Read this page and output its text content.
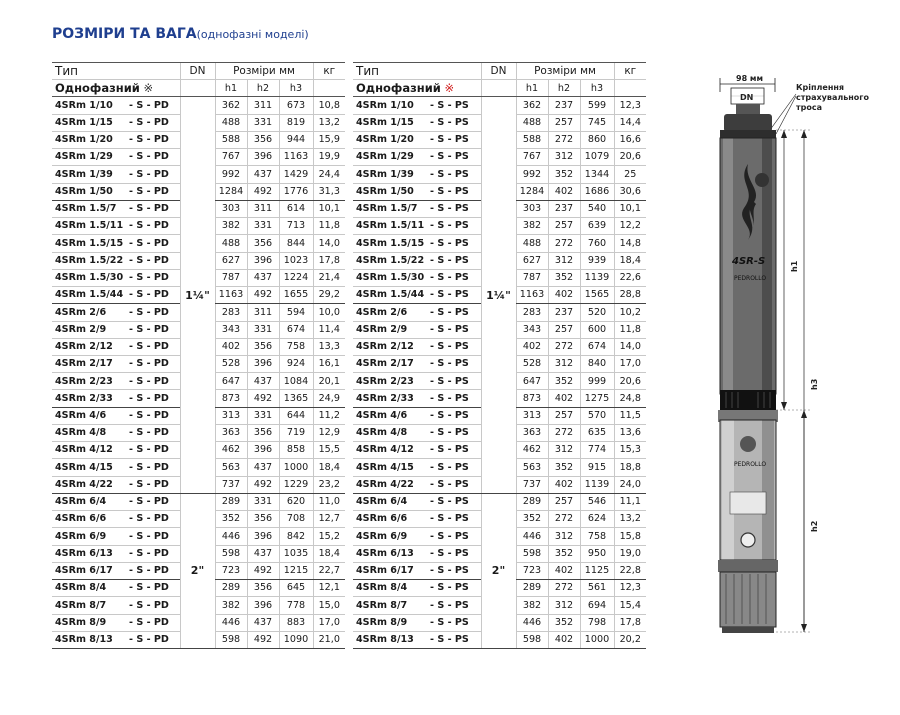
РОЗМІРИ ТА ВАГА(однофазні моделі)
Тип	DN	Розміри мм			кг
Однофазний ※		h1	h2	h3	
4SRm 1/10 - S - PD	1¼"	362	311	673	10,8
4SRm 1/15 - S - PD		488	331	819	13,2
4SRm 1/20 - S - PD		588	356	944	15,9
4SRm 1/29 - S - PD		767	396	1163	19,9
4SRm 1/39 - S - PD		992	437	1429	24,4
4SRm 1/50 - S - PD		1284	492	1776	31,3
4SRm 1.5/7 - S - PD		303	311	614	10,1
4SRm 1.5/11 - S - PD		382	331	713	11,8
4SRm 1.5/15 - S - PD		488	356	844	14,0
4SRm 1.5/22 - S - PD		627	396	1023	17,8
4SRm 1.5/30 - S - PD		787	437	1224	21,4
4SRm 1.5/44 - S - PD		1163	492	1655	29,2
4SRm 2/6 - S - PD		283	311	594	10,0
4SRm 2/9 - S - PD		343	331	674	11,4
4SRm 2/12 - S - PD		402	356	758	13,3
4SRm 2/17 - S - PD		528	396	924	16,1
4SRm 2/23 - S - PD		647	437	1084	20,1
4SRm 2/33 - S - PD		873	492	1365	24,9
4SRm 4/6 - S - PD		313	331	644	11,2
4SRm 4/8 - S - PD		363	356	719	12,9
4SRm 4/12 - S - PD		462	396	858	15,5
4SRm 4/15 - S - PD		563	437	1000	18,4
4SRm 4/22 - S - PD		737	492	1229	23,2
4SRm 6/4 - S - PD	2"	289	331	620	11,0
4SRm 6/6 - S - PD		352	356	708	12,7
4SRm 6/9 - S - PD		446	396	842	15,2
4SRm 6/13 - S - PD		598	437	1035	18,4
4SRm 6/17 - S - PD		723	492	1215	22,7
4SRm 8/4 - S - PD		289	356	645	12,1
4SRm 8/7 - S - PD		382	396	778	15,0
4SRm 8/9 - S - PD		446	437	883	17,0
4SRm 8/13 - S - PD		598	492	1090	21,0
Тип	DN	Розміри мм			кг
Однофазний ※		h1	h2	h3	
4SRm 1/10 - S - PS	1¼"	362	237	599	12,3
4SRm 1/15 - S - PS		488	257	745	14,4
4SRm 1/20 - S - PS		588	272	860	16,6
4SRm 1/29 - S - PS		767	312	1079	20,6
4SRm 1/39 - S - PS		992	352	1344	25
4SRm 1/50 - S - PS		1284	402	1686	30,6
4SRm 1.5/7 - S - PS		303	237	540	10,1
4SRm 1.5/11 - S - PS		382	257	639	12,2
4SRm 1.5/15 - S - PS		488	272	760	14,8
4SRm 1.5/22 - S - PS		627	312	939	18,4
4SRm 1.5/30 - S - PS		787	352	1139	22,6
4SRm 1.5/44 - S - PS		1163	402	1565	28,8
4SRm 2/6 - S - PS		283	237	520	10,2
4SRm 2/9 - S - PS		343	257	600	11,8
4SRm 2/12 - S - PS		402	272	674	14,0
4SRm 2/17 - S - PS		528	312	840	17,0
4SRm 2/23 - S - PS		647	352	999	20,6
4SRm 2/33 - S - PS		873	402	1275	24,8
4SRm 4/6 - S - PS		313	257	570	11,5
4SRm 4/8 - S - PS		363	272	635	13,6
4SRm 4/12 - S - PS		462	312	774	15,3
4SRm 4/15 - S - PS		563	352	915	18,8
4SRm 4/22 - S - PS		737	402	1139	24,0
4SRm 6/4 - S - PS	2"	289	257	546	11,1
4SRm 6/6 - S - PS		352	272	624	13,2
4SRm 6/9 - S - PS		446	312	758	15,8
4SRm 6/13 - S - PS		598	352	950	19,0
4SRm 6/17 - S - PS		723	402	1125	22,8
4SRm 8/4 - S - PS		289	272	561	12,3
4SRm 8/7 - S - PS		382	312	694	15,4
4SRm 8/9 - S - PS		446	352	798	17,8
4SRm 8/13 - S - PS		598	402	1000	20,2
98 мм
DN
Кріплення
страхувального
троса
4SR-S
PEDROLLO
PEDROLLO
h1
h3
h2
